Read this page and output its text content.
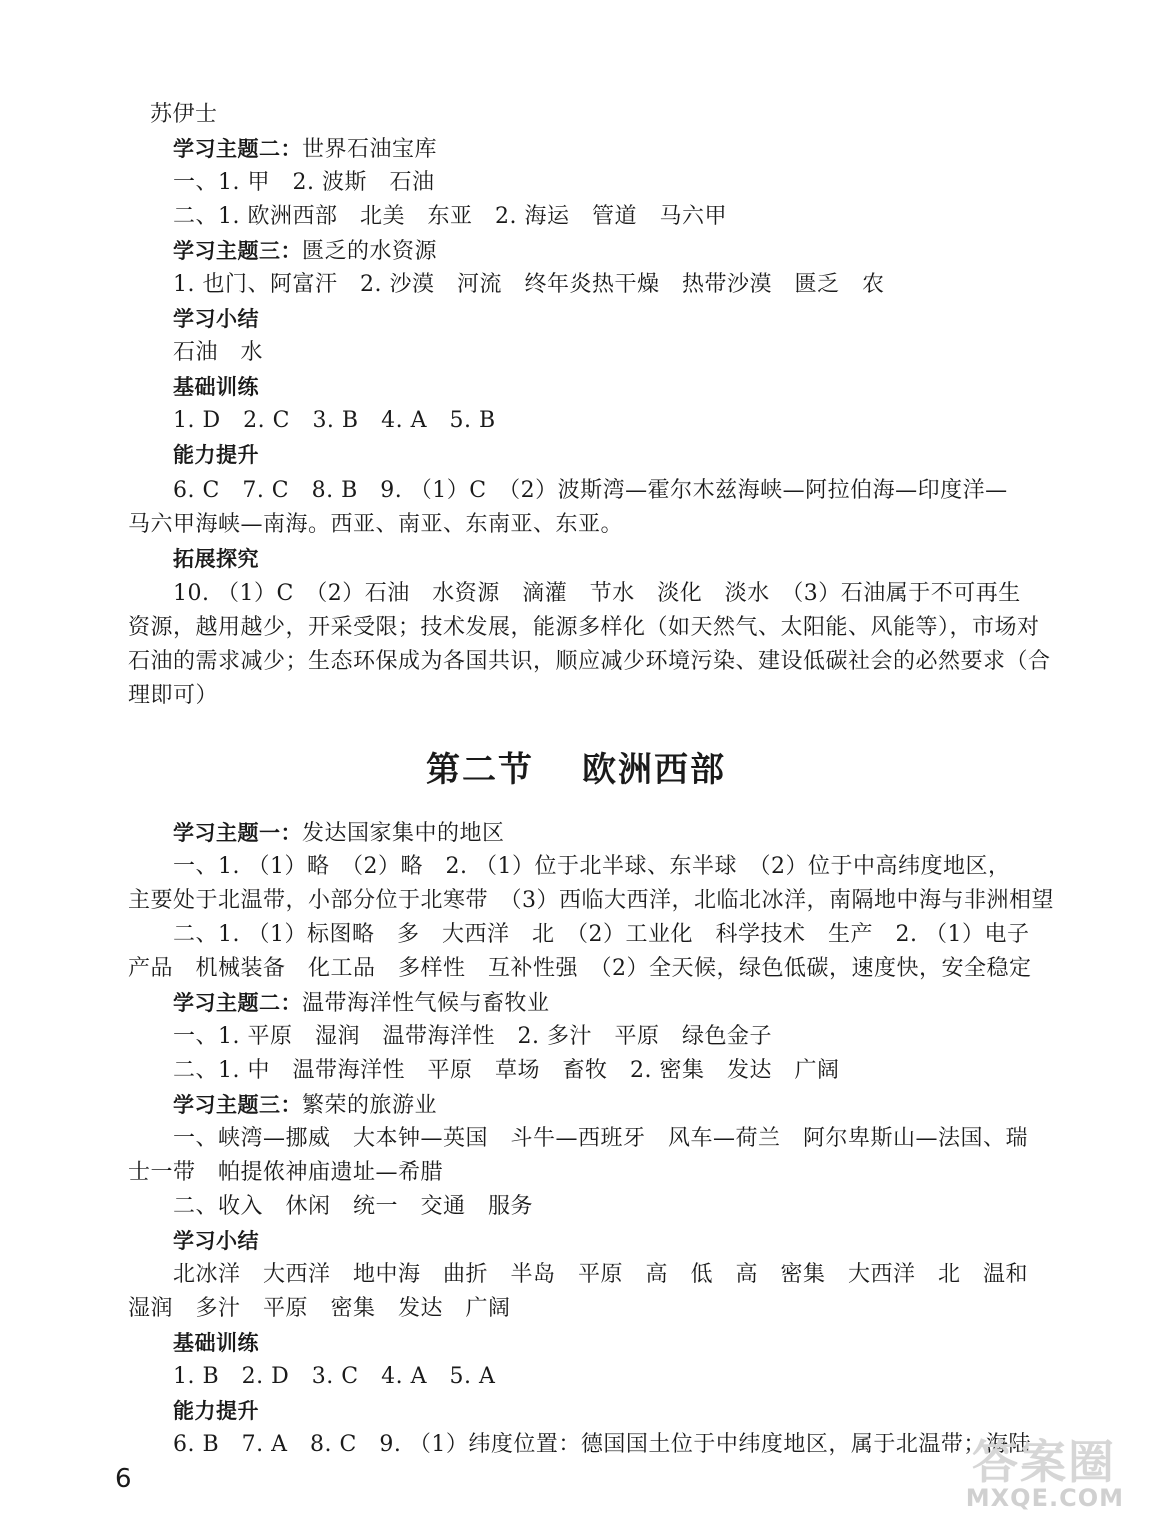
苏伊士
学习主题二：世界石油宝库
一、1. 甲　2. 波斯　石油
二、1. 欧洲西部　北美　东亚　2. 海运　管道　马六甲
学习主题三：匮乏的水资源
1. 也门、阿富汗　2. 沙漠　河流　终年炎热干燥　热带沙漠　匮乏　农
学习小结
石油　水
基础训练
1. D　2. C　3. B　4. A　5. B
能力提升
6. C　7. C　8. B　9. （1）C　（2）波斯湾—霍尔木兹海峡—阿拉伯海—印度洋—
马六甲海峡—南海。西亚、南亚、东南亚、东亚。
拓展探究
10. （1）C　（2）石油　水资源　滴灌　节水　淡化　淡水　（3）石油属于不可再生
资源，越用越少，开采受限；技术发展，能源多样化（如天然气、太阳能、风能等），市场对
石油的需求减少；生态环保成为各国共识，顺应减少环境污染、建设低碳社会的必然要求（合
理即可）
第二节 欧洲西部
学习主题一：发达国家集中的地区
一、1. （1）略　（2）略　2. （1）位于北半球、东半球　（2）位于中高纬度地区，
主要处于北温带，小部分位于北寒带　（3）西临大西洋，北临北冰洋，南隔地中海与非洲相望
二、1. （1）标图略　多　大西洋　北　（2）工业化　科学技术　生产　2. （1）电子
产品　机械装备　化工品　多样性　互补性强　（2）全天候，绿色低碳，速度快，安全稳定
学习主题二：温带海洋性气候与畜牧业
一、1. 平原　湿润　温带海洋性　2. 多汁　平原　绿色金子
二、1. 中　温带海洋性　平原　草场　畜牧　2. 密集　发达　广阔
学习主题三：繁荣的旅游业
一、峡湾—挪威　大本钟—英国　斗牛—西班牙　风车—荷兰　阿尔卑斯山—法国、瑞
士一带　帕提侬神庙遗址—希腊
二、收入　休闲　统一　交通　服务
学习小结
北冰洋　大西洋　地中海　曲折　半岛　平原　高　低　高　密集　大西洋　北　温和
湿润　多汁　平原　密集　发达　广阔
基础训练
1. B　2. D　3. C　4. A　5. A
能力提升
6. B　7. A　8. C　9. （1）纬度位置：德国国土位于中纬度地区，属于北温带；海陆
6	答案圈
MXQE.COM
